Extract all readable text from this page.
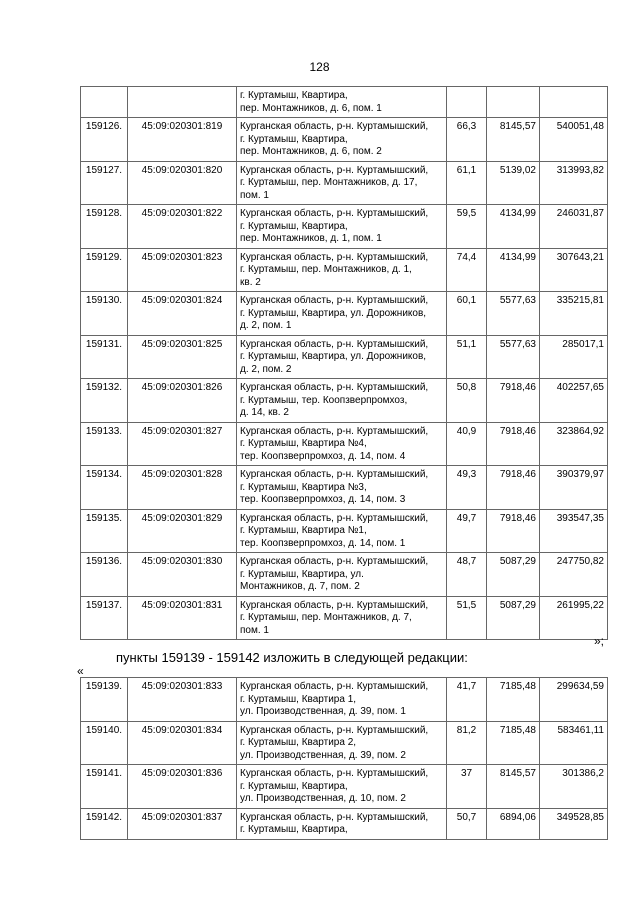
128

		г. Куртамыш, Квартира,
пер. Монтажников, д. 6, пом. 1			

159126.	45:09:020301:819	Курганская область, р-н. Куртамышский,
г. Куртамыш, Квартира,
пер. Монтажников, д. 6, пом. 2	66,3	8145,57	540051,48
159127.	45:09:020301:820	Курганская область, р-н. Куртамышский,
г. Куртамыш, пер. Монтажников, д. 17,
пом. 1	61,1	5139,02	313993,82
159128.	45:09:020301:822	Курганская область, р-н. Куртамышский,
г. Куртамыш, Квартира,
пер. Монтажников, д. 1, пом. 1	59,5	4134,99	246031,87
159129.	45:09:020301:823	Курганская область, р-н. Куртамышский,
г. Куртамыш, пер. Монтажников, д. 1,
кв. 2	74,4	4134,99	307643,21
159130.	45:09:020301:824	Курганская область, р-н. Куртамышский,
г. Куртамыш, Квартира, ул. Дорожников,
д. 2, пом. 1	60,1	5577,63	335215,81
159131.	45:09:020301:825	Курганская область, р-н. Куртамышский,
г. Куртамыш, Квартира, ул. Дорожников,
д. 2, пом. 2	51,1	5577,63	285017,1
159132.	45:09:020301:826	Курганская область, р-н. Куртамышский,
г. Куртамыш, тер. Коопзверпромхоз,
д. 14, кв. 2	50,8	7918,46	402257,65
159133.	45:09:020301:827	Курганская область, р-н. Куртамышский,
г. Куртамыш, Квартира №4,
тер. Коопзверпромхоз, д. 14, пом. 4	40,9	7918,46	323864,92
159134.	45:09:020301:828	Курганская область, р-н. Куртамышский,
г. Куртамыш, Квартира №3,
тер. Коопзверпромхоз, д. 14, пом. 3	49,3	7918,46	390379,97
159135.	45:09:020301:829	Курганская область, р-н. Куртамышский,
г. Куртамыш, Квартира №1,
тер. Коопзверпромхоз, д. 14, пом. 1	49,7	7918,46	393547,35
159136.	45:09:020301:830	Курганская область, р-н. Куртамышский,
г. Куртамыш, Квартира, ул.
Монтажников, д. 7, пом. 2	48,7	5087,29	247750,82
159137.	45:09:020301:831	Курганская область, р-н. Куртамышский,
г. Куртамыш, пер. Монтажников, д. 7,
пом. 1	51,5	5087,29	261995,22
»;
пункты 159139 - 159142 изложить в следующей редакции:
«
159139.	45:09:020301:833	Курганская область, р-н. Куртамышский,
г. Куртамыш, Квартира 1,
ул. Производственная, д. 39, пом. 1	41,7	7185,48	299634,59
159140.	45:09:020301:834	Курганская область, р-н. Куртамышский,
г. Куртамыш, Квартира 2,
ул. Производственная, д. 39, пом. 2	81,2	7185,48	583461,11
159141.	45:09:020301:836	Курганская область, р-н. Куртамышский,
г. Куртамыш, Квартира,
ул. Производственная, д. 10, пом. 2	37	8145,57	301386,2
159142.	45:09:020301:837	Курганская область, р-н. Куртамышский,
г. Куртамыш, Квартира,	50,7	6894,06	349528,85
